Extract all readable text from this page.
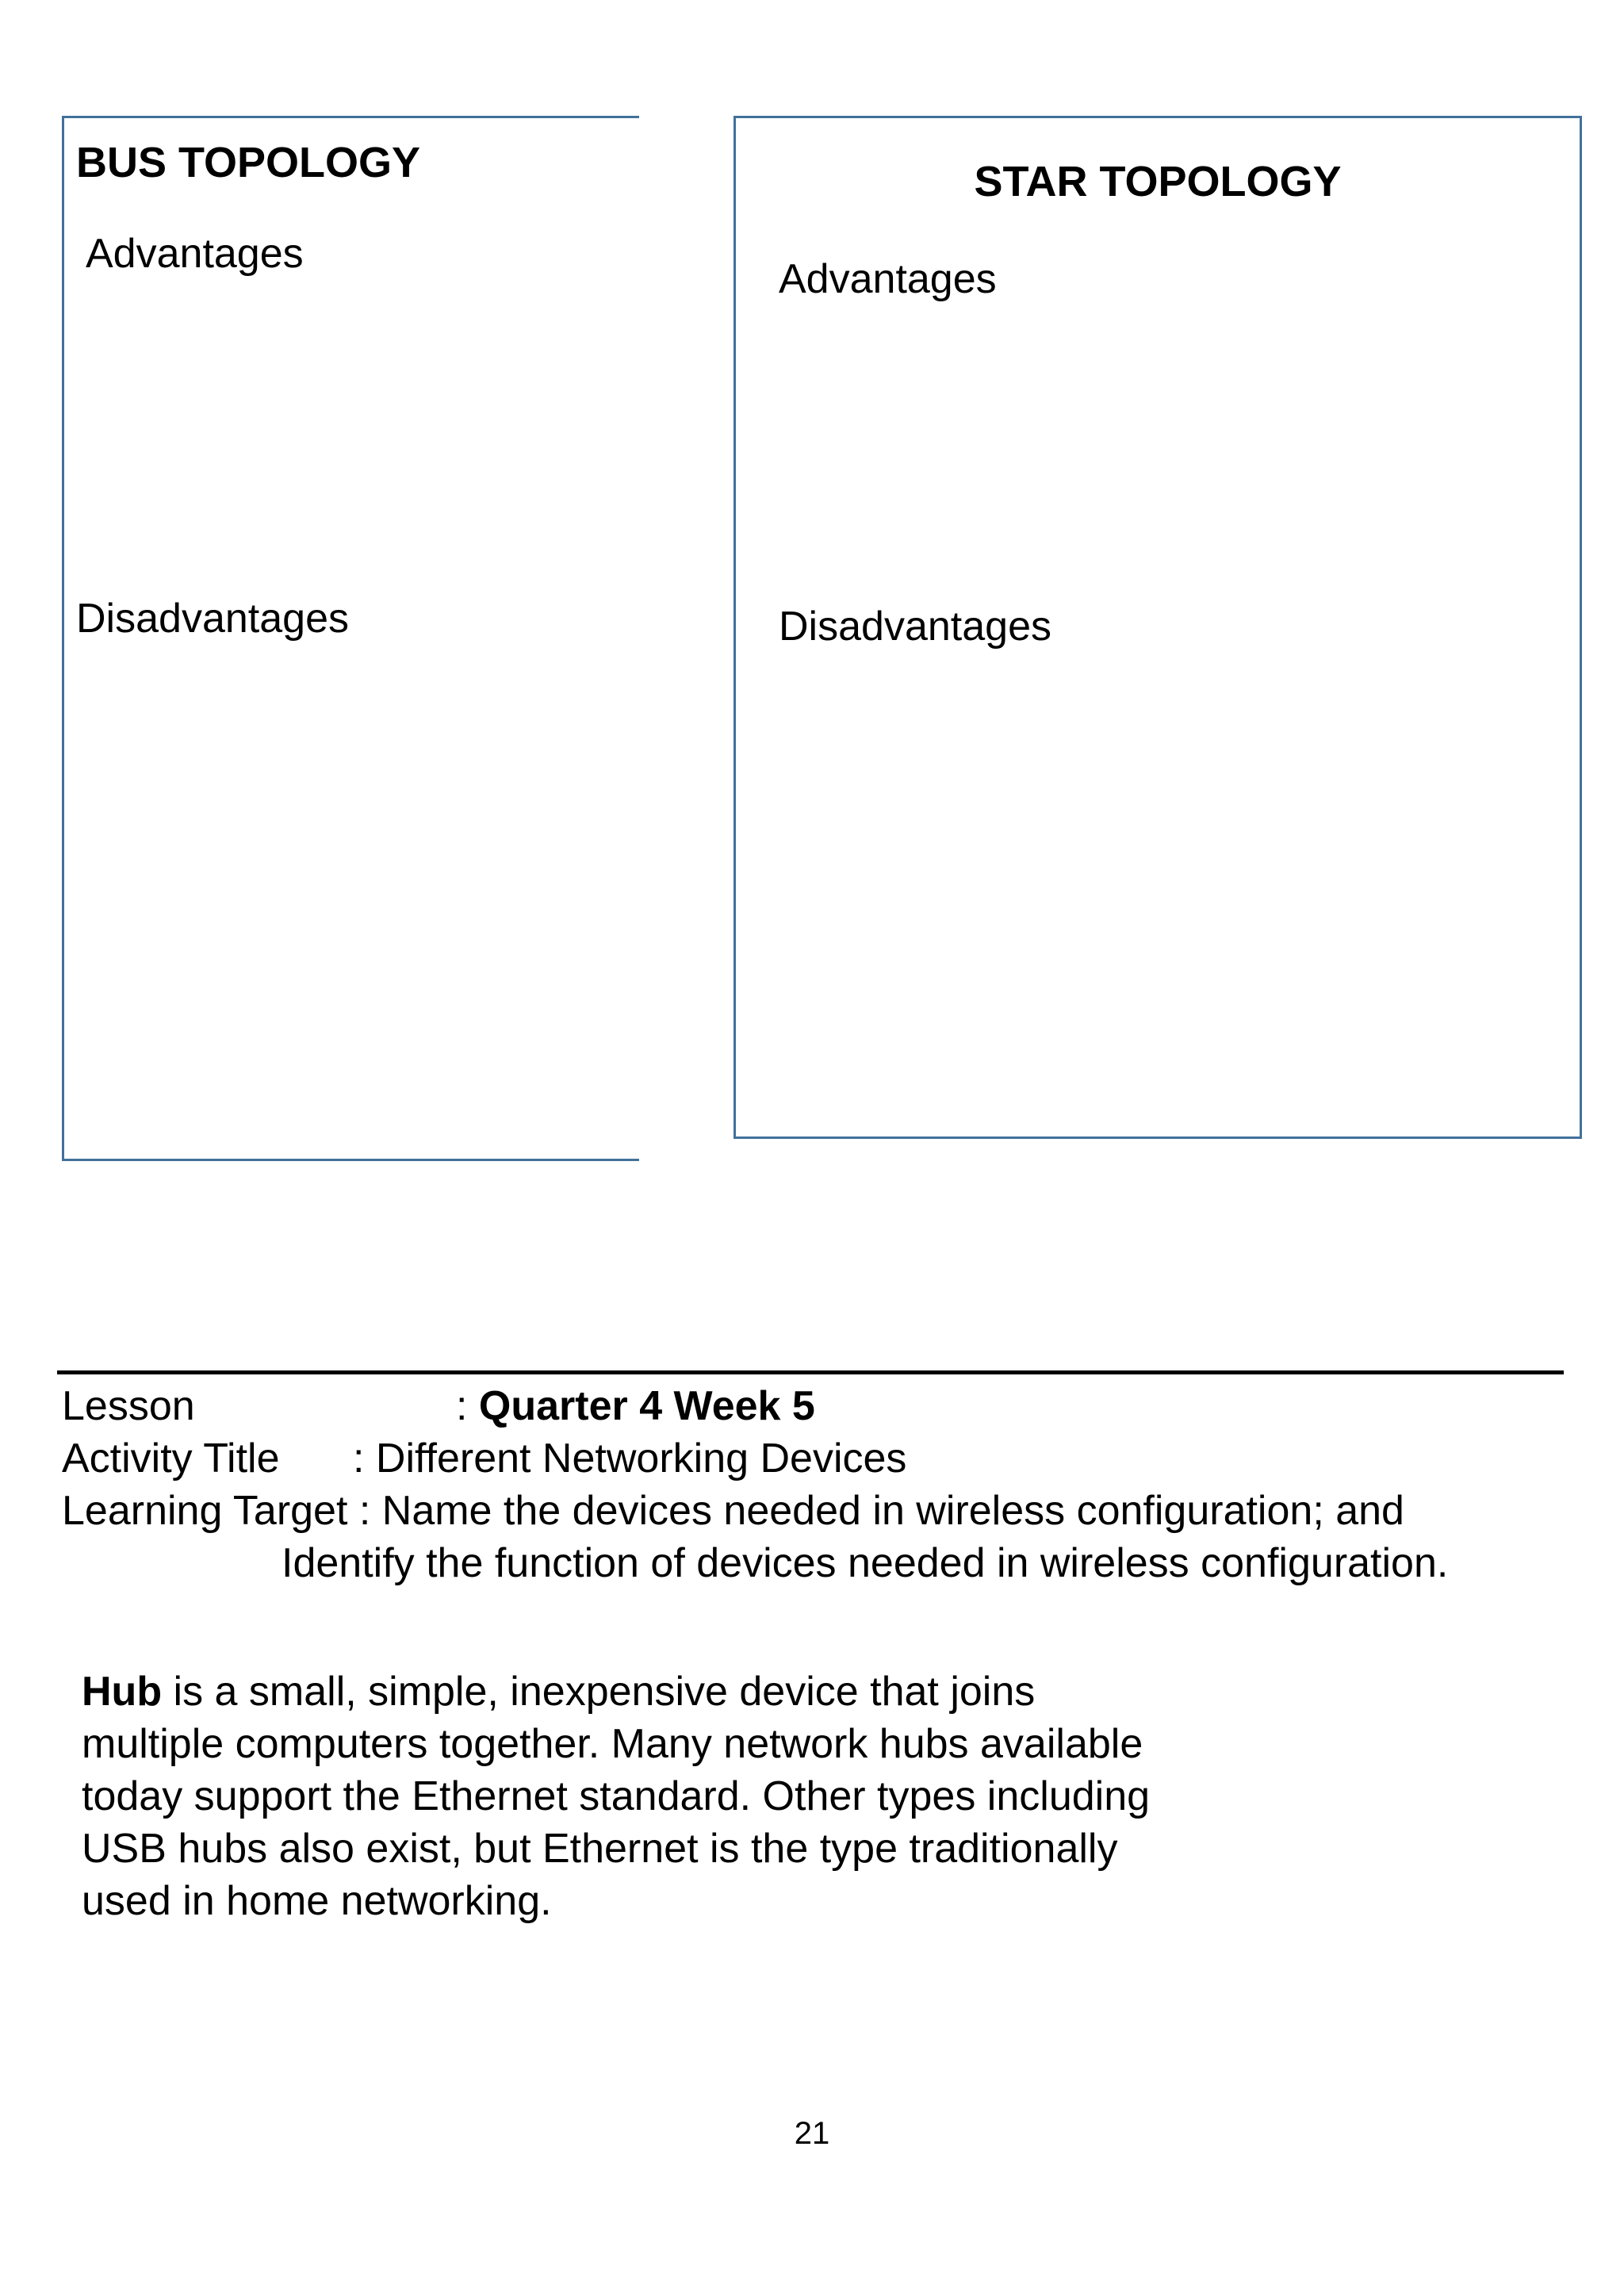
BUS TOPOLOGY
Advantages
Disadvantages
STAR TOPOLOGY
Advantages
Disadvantages
Lesson	: Quarter 4 Week 5
Activity Title : Different Networking Devices
Learning Target : Name the devices needed in wireless configuration; and
Identify the function of devices needed in wireless configuration.
Hub is a small, simple, inexpensive device that joins
multiple computers together. Many network hubs available
today support the Ethernet standard. Other types including
USB hubs also exist, but Ethernet is the type traditionally
used in home networking.
21
